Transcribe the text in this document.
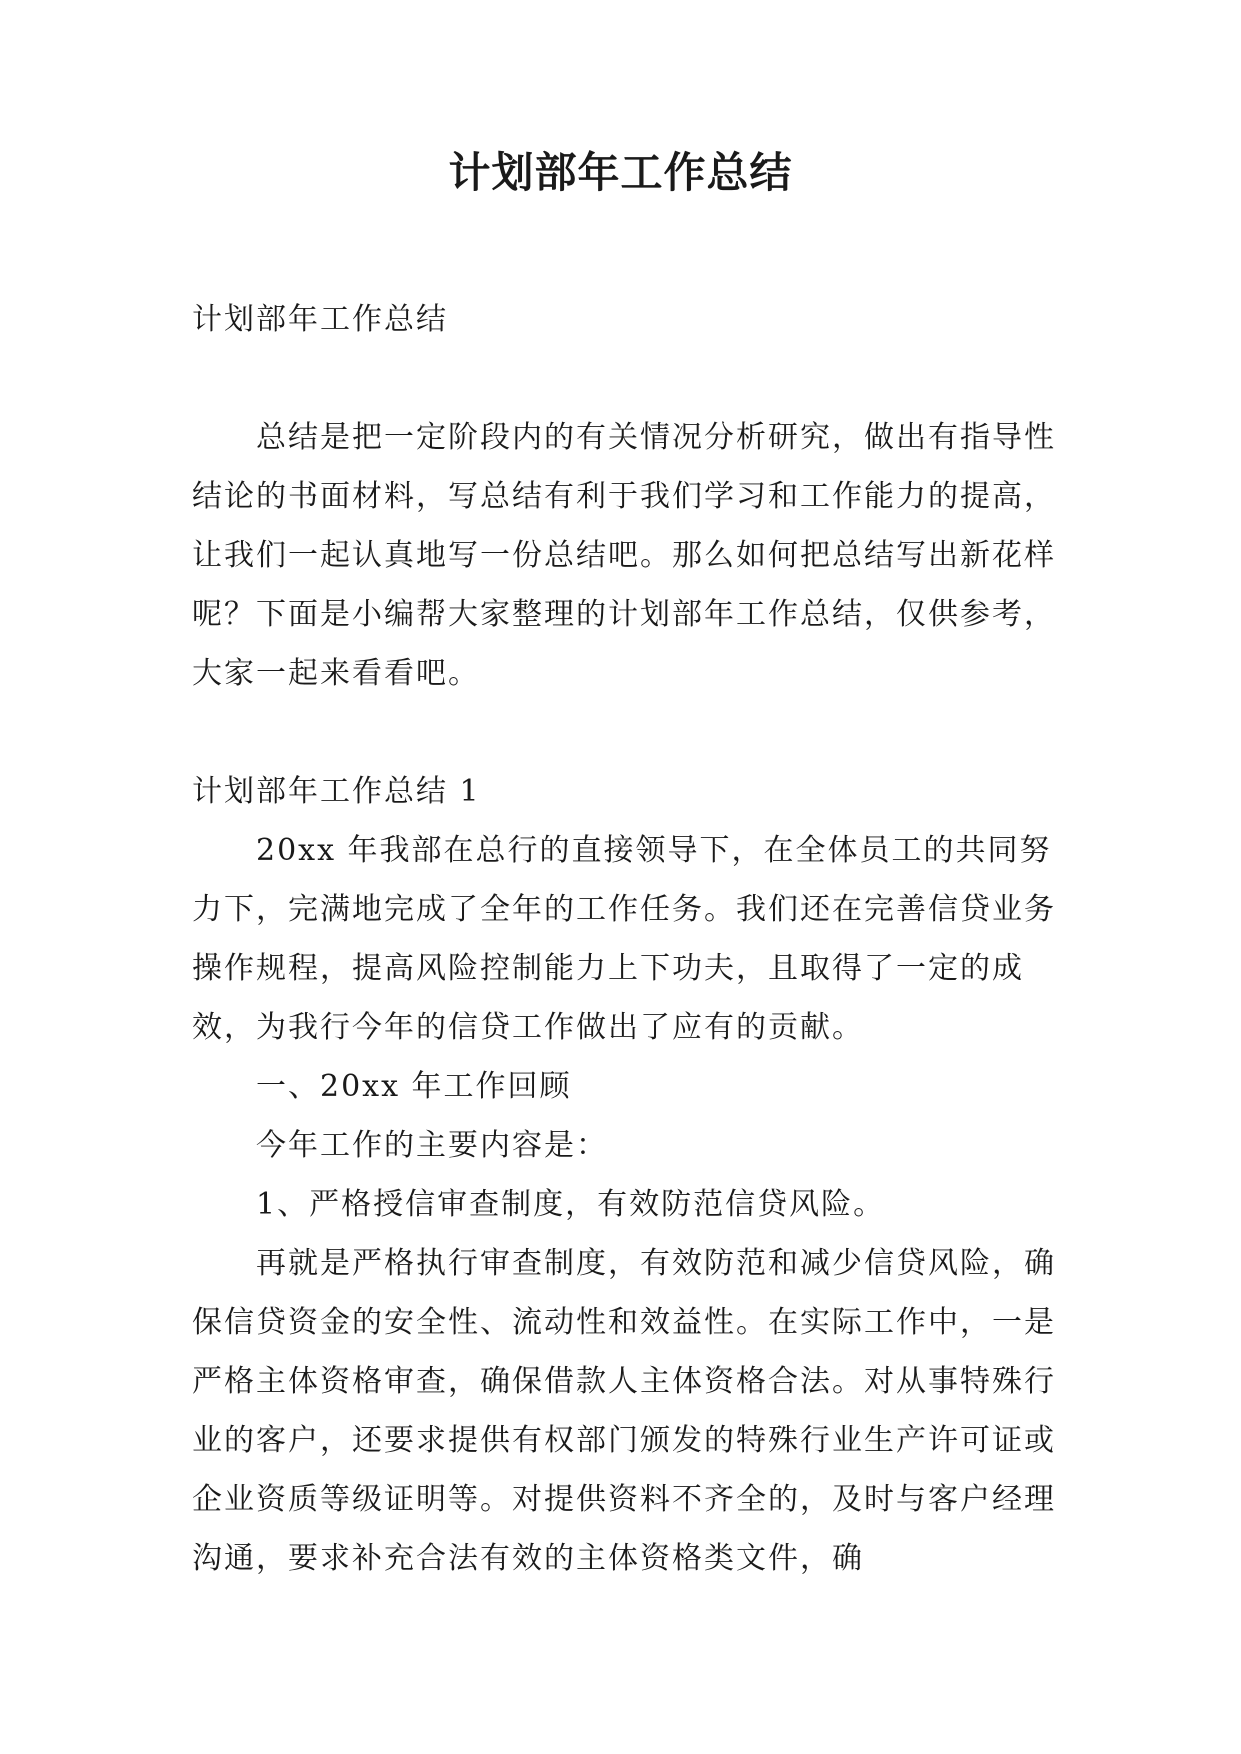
计划部年工作总结

计划部年工作总结

总结是把一定阶段内的有关情况分析研究，做出有指导性结论的书面材料，写总结有利于我们学习和工作能力的提高，让我们一起认真地写一份总结吧。那么如何把总结写出新花样呢？下面是小编帮大家整理的计划部年工作总结，仅供参考，大家一起来看看吧。

计划部年工作总结 1

20xx 年我部在总行的直接领导下，在全体员工的共同努力下，完满地完成了全年的工作任务。我们还在完善信贷业务操作规程，提高风险控制能力上下功夫，且取得了一定的成效，为我行今年的信贷工作做出了应有的贡献。

一、20xx 年工作回顾

今年工作的主要内容是：

1、严格授信审查制度，有效防范信贷风险。

再就是严格执行审查制度，有效防范和减少信贷风险，确保信贷资金的安全性、流动性和效益性。在实际工作中，一是严格主体资格审查，确保借款人主体资格合法。对从事特殊行业的客户，还要求提供有权部门颁发的特殊行业生产许可证或企业资质等级证明等。对提供资料不齐全的，及时与客户经理沟通，要求补充合法有效的主体资格类文件，确
